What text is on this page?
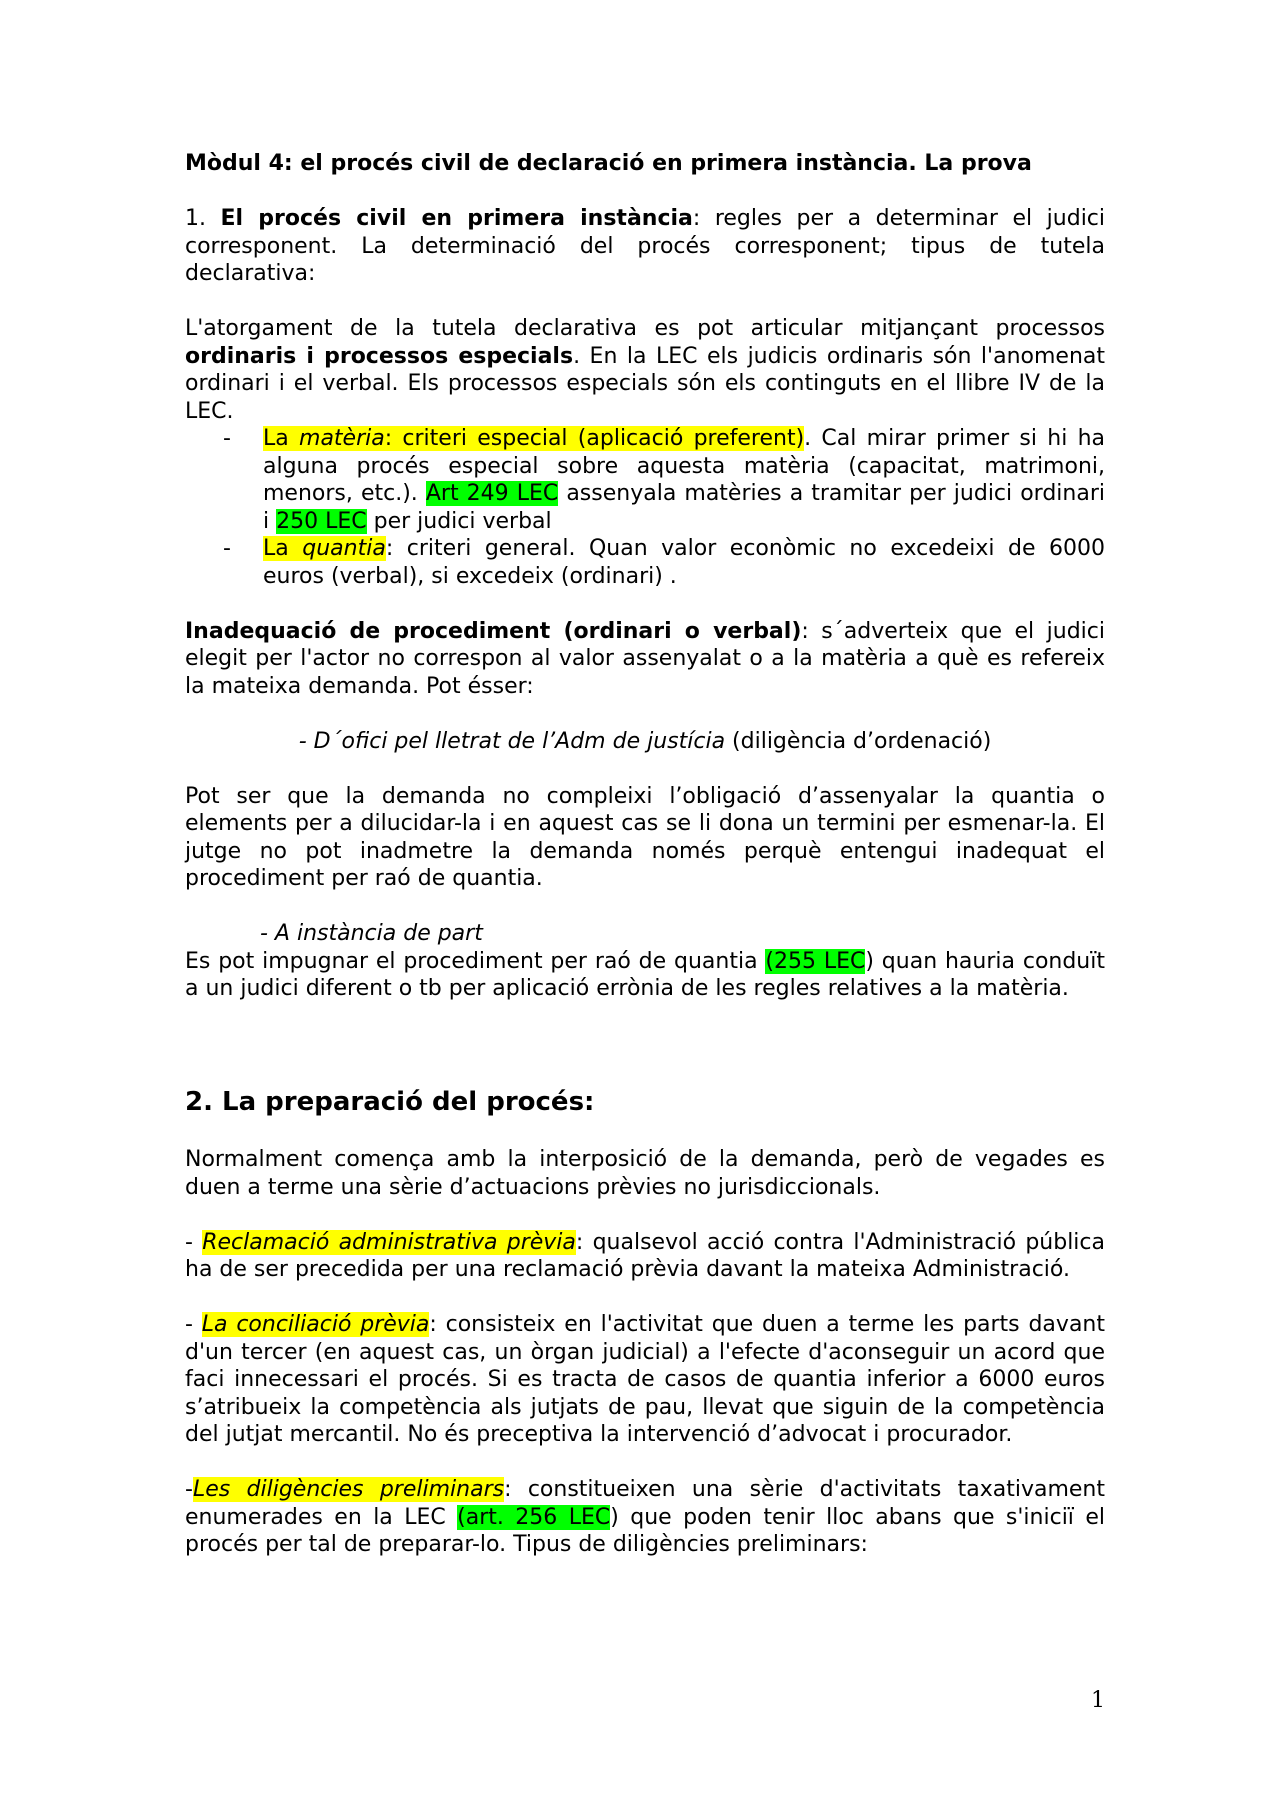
Mòdul 4: el procés civil de declaració en primera instància. La prova

1. El procés civil en primera instància: regles per a determinar el judici corresponent. La determinació del procés corresponent; tipus de tutela declarativa:

L'atorgament de la tutela declarativa es pot articular mitjançant processos ordinaris i processos especials. En la LEC els judicis ordinaris són l'anomenat ordinari i el verbal. Els processos especials són els continguts en el llibre IV de la LEC.

-	La matèria: criteri especial (aplicació preferent). Cal mirar primer si hi ha alguna procés especial sobre aquesta matèria (capacitat, matrimoni, menors, etc.). Art 249 LEC assenyala matèries a tramitar per judici ordinari i 250 LEC per judici verbal
-	La quantia: criteri general. Quan valor econòmic no excedeixi de 6000 euros (verbal), si excedeix (ordinari) .

Inadequació de procediment (ordinari o verbal): s´adverteix que el judici elegit per l'actor no correspon al valor assenyalat o a la matèria a què es refereix la mateixa demanda. Pot ésser:

- D´ofici pel lletrat de l’Adm de justícia (diligència d’ordenació)

Pot ser que la demanda no compleixi l’obligació d’assenyalar la quantia o elements per a dilucidar-la i en aquest cas se li dona un termini per esmenar-la. El jutge no pot inadmetre la demanda només perquè entengui inadequat el procediment per raó de quantia.

- A instància de part

Es pot impugnar el procediment per raó de quantia (255 LEC) quan hauria conduït a un judici diferent o tb per aplicació errònia de les regles relatives a la matèria.

2. La preparació del procés:

Normalment comença amb la interposició de la demanda, però de vegades es duen a terme una sèrie d’actuacions prèvies no jurisdiccionals.

- Reclamació administrativa prèvia: qualsevol acció contra l'Administració pública ha de ser precedida per una reclamació prèvia davant la mateixa Administració.

- La conciliació prèvia: consisteix en l'activitat que duen a terme les parts davant d'un tercer (en aquest cas, un òrgan judicial) a l'efecte d'aconseguir un acord que faci innecessari el procés. Si es tracta de casos de quantia inferior a 6000 euros s’atribueix la competència als jutjats de pau, llevat que siguin de la competència del jutjat mercantil. No és preceptiva la intervenció d’advocat i procurador.

-Les diligències preliminars: constitueixen una sèrie d'activitats taxativament enumerades en la LEC (art. 256 LEC) que poden tenir lloc abans que s'iniciï el procés per tal de preparar-lo. Tipus de diligències preliminars:

1
